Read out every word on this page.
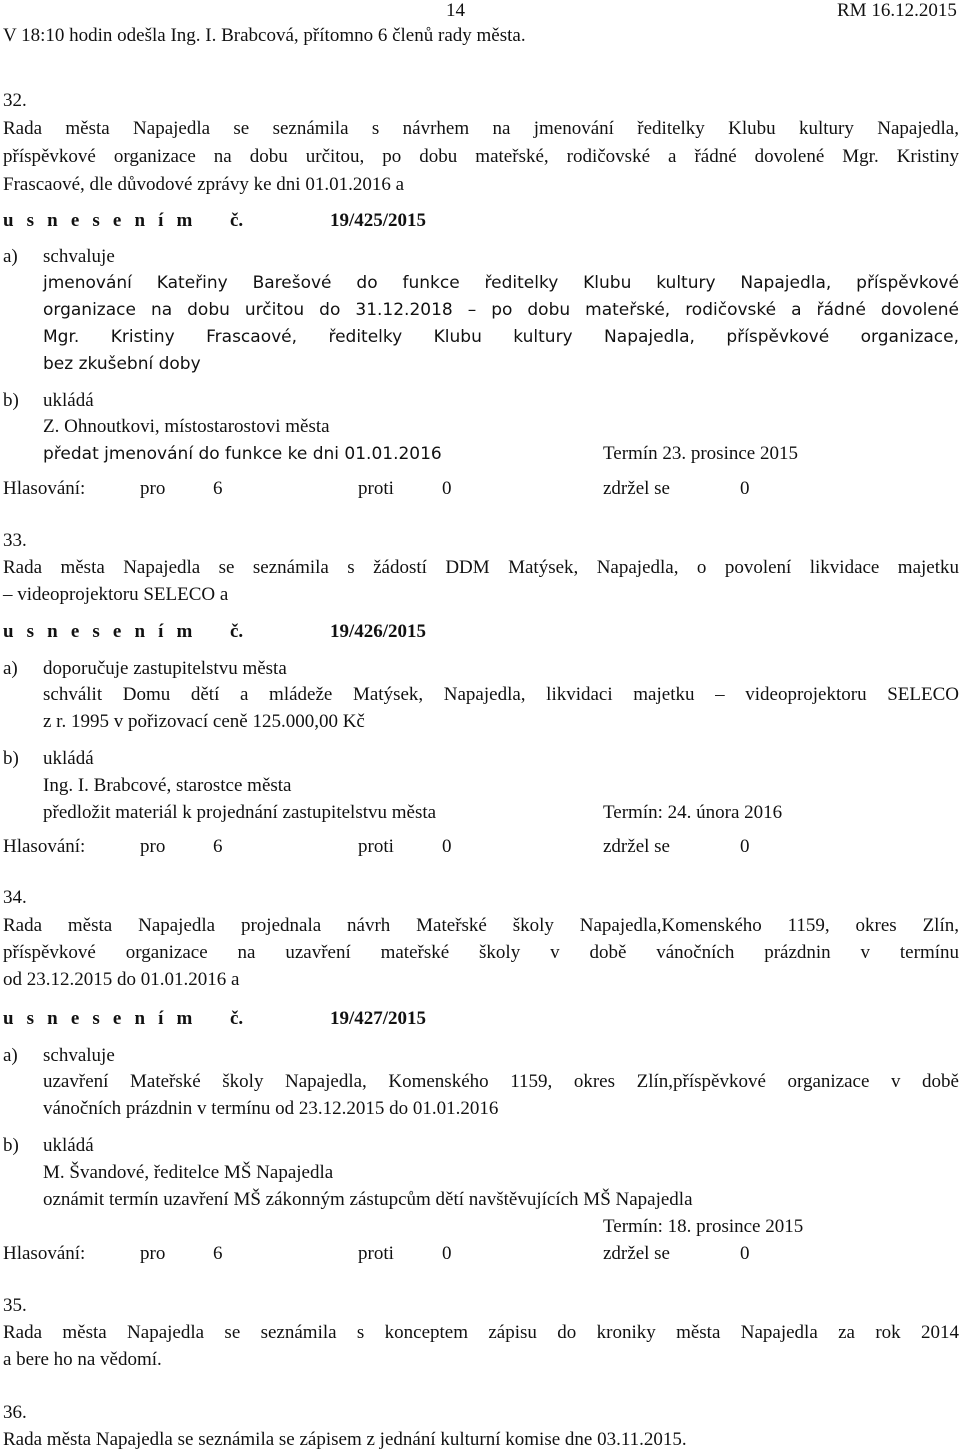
14	RM 16.12.2015
V 18:10 hodin odešla Ing. I. Brabcová, přítomno 6 členů rady města.
32.
Rada města Napajedla se seznámila s návrhem na jmenování ředitelky Klubu kultury Napajedla,
příspěvkové organizace na dobu určitou, po dobu mateřské, rodičovské a řádné dovolené Mgr. Kristiny
Frascaové, dle důvodové zprávy ke dni 01.01.2016 a
u s n e s e n í m č.	19/425/2015
a) schvaluje
jmenování Kateřiny Barešové do funkce ředitelky Klubu kultury Napajedla, příspěvkové
organizace na dobu určitou do 31.12.2018 – po dobu mateřské, rodičovské a řádné dovolené
Mgr. Kristiny Frascaové, ředitelky Klubu kultury Napajedla, příspěvkové organizace,
bez zkušební doby
b) ukládá
Z. Ohnoutkovi, místostarostovi města
předat jmenování do funkce ke dni 01.01.2016	Termín 23. prosince 2015
Hlasování:	pro	6	proti	0	zdržel se	0
33.
Rada města Napajedla se seznámila s žádostí DDM Matýsek, Napajedla, o povolení likvidace majetku
– videoprojektoru SELECO a
u s n e s e n í m č.	19/426/2015
a) doporučuje zastupitelstvu města
schválit Domu dětí a mládeže Matýsek, Napajedla, likvidaci majetku – videoprojektoru SELECO
z r. 1995 v pořizovací ceně 125.000,00 Kč
b) ukládá
Ing. I. Brabcové, starostce města
předložit materiál k projednání zastupitelstvu města	Termín: 24. února 2016
Hlasování:	pro	6	proti	0	zdržel se	0
34.
Rada města Napajedla projednala návrh Mateřské školy Napajedla,Komenského 1159, okres Zlín,
příspěvkové organizace na uzavření mateřské školy v době vánočních prázdnin v termínu
od 23.12.2015 do 01.01.2016 a
u s n e s e n í m č.	19/427/2015
a) schvaluje
uzavření Mateřské školy Napajedla, Komenského 1159, okres Zlín,příspěvkové organizace v době
vánočních prázdnin v termínu od 23.12.2015 do 01.01.2016
b) ukládá
M. Švandové, ředitelce MŠ Napajedla
oznámit termín uzavření MŠ zákonným zástupcům dětí navštěvujících MŠ Napajedla
Termín: 18. prosince 2015
Hlasování:	pro	6	proti	0	zdržel se	0
35.
Rada města Napajedla se seznámila s konceptem zápisu do kroniky města Napajedla za rok 2014
a bere ho na vědomí.
36.
Rada města Napajedla se seznámila se zápisem z jednání kulturní komise dne 03.11.2015.
